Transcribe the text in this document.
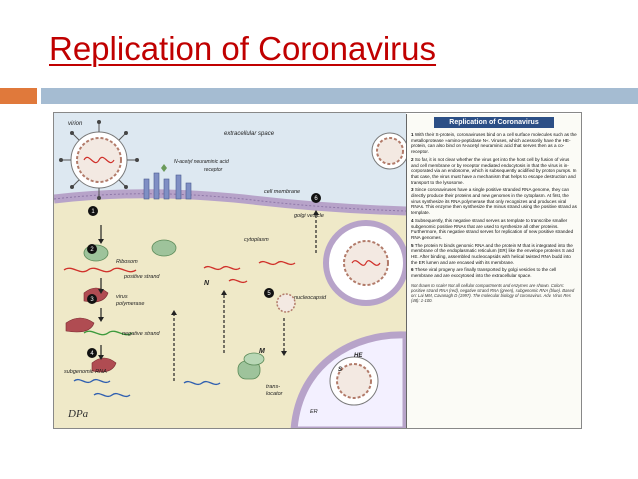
Replication of Coronavirus
1
2
3
4
5
6
virion
extracellular space
N-acetyl neuraminic acid
receptor
cell membrane
golgi vesicle
cytoplasm
Ribosom
positive strand
virus
polymerase
negative strand
subgenomic RNA
N
nucleocapsid
M
HE
S
trans-
locator
ER
DPa
Replication of Coronavirus
1 With their S-protein, coronaviruses bind on a cell surface molecules such as the metalloprotease »amino-peptidase N«. Viruses, which acessorily have the HE-protein, can also bind on N-acetyl neuraminic acid that serves then as a co-receptor.
2 So far, it is not clear whether the virus get into the host cell by fusion of virus and cell membrane or by receptor mediated endocytosis in that the virus is in-corporated via an endosome, which is subsequently acidified by proton pumps. In that case, the virus must have a mechanism that helps to escape destruction and transport to the lysosome.
3 Since coronaviruses have a single positive stranded RNA genome, they can directly produce their proteins and new genomes in the cytoplasm. At first, the virus synthesize its RNA polymerase that only recognizes and produces viral RNAs. This enzyme then synthesize the minus strand using the positive strand as template.
4 Subsequently, this negative strand serves as template to transcribe smaller subgenomic positive RNAs that are used to synthesize all other proteins. Furthermore, this negative strand serves for replication of new positive stranded RNA genomes.
5 The protein N binds genomic RNA and the protein M that is integrated into the membrane of the endoplasmatic reticulum (ER) like the envelope proteins S and HE. After binding, assembled nucleocapsids with helical twisted RNA budd into the ER lumen and are encased with its membrane.
6 These viral progeny are finally transported by golgi vesicles to the cell membrane and are exocytosed into the extracellular space.
Not drawn to scale! Not all cellular compartments and enzymes are shown. Colors: positive strand RNA (red), negative strand RNA (green), subgenomic RNA (blue). Based on: Lai MM, Cavanagh D (1997). The molecular biology of coronavirus. Adv. Virus Res (48): 1-100.
